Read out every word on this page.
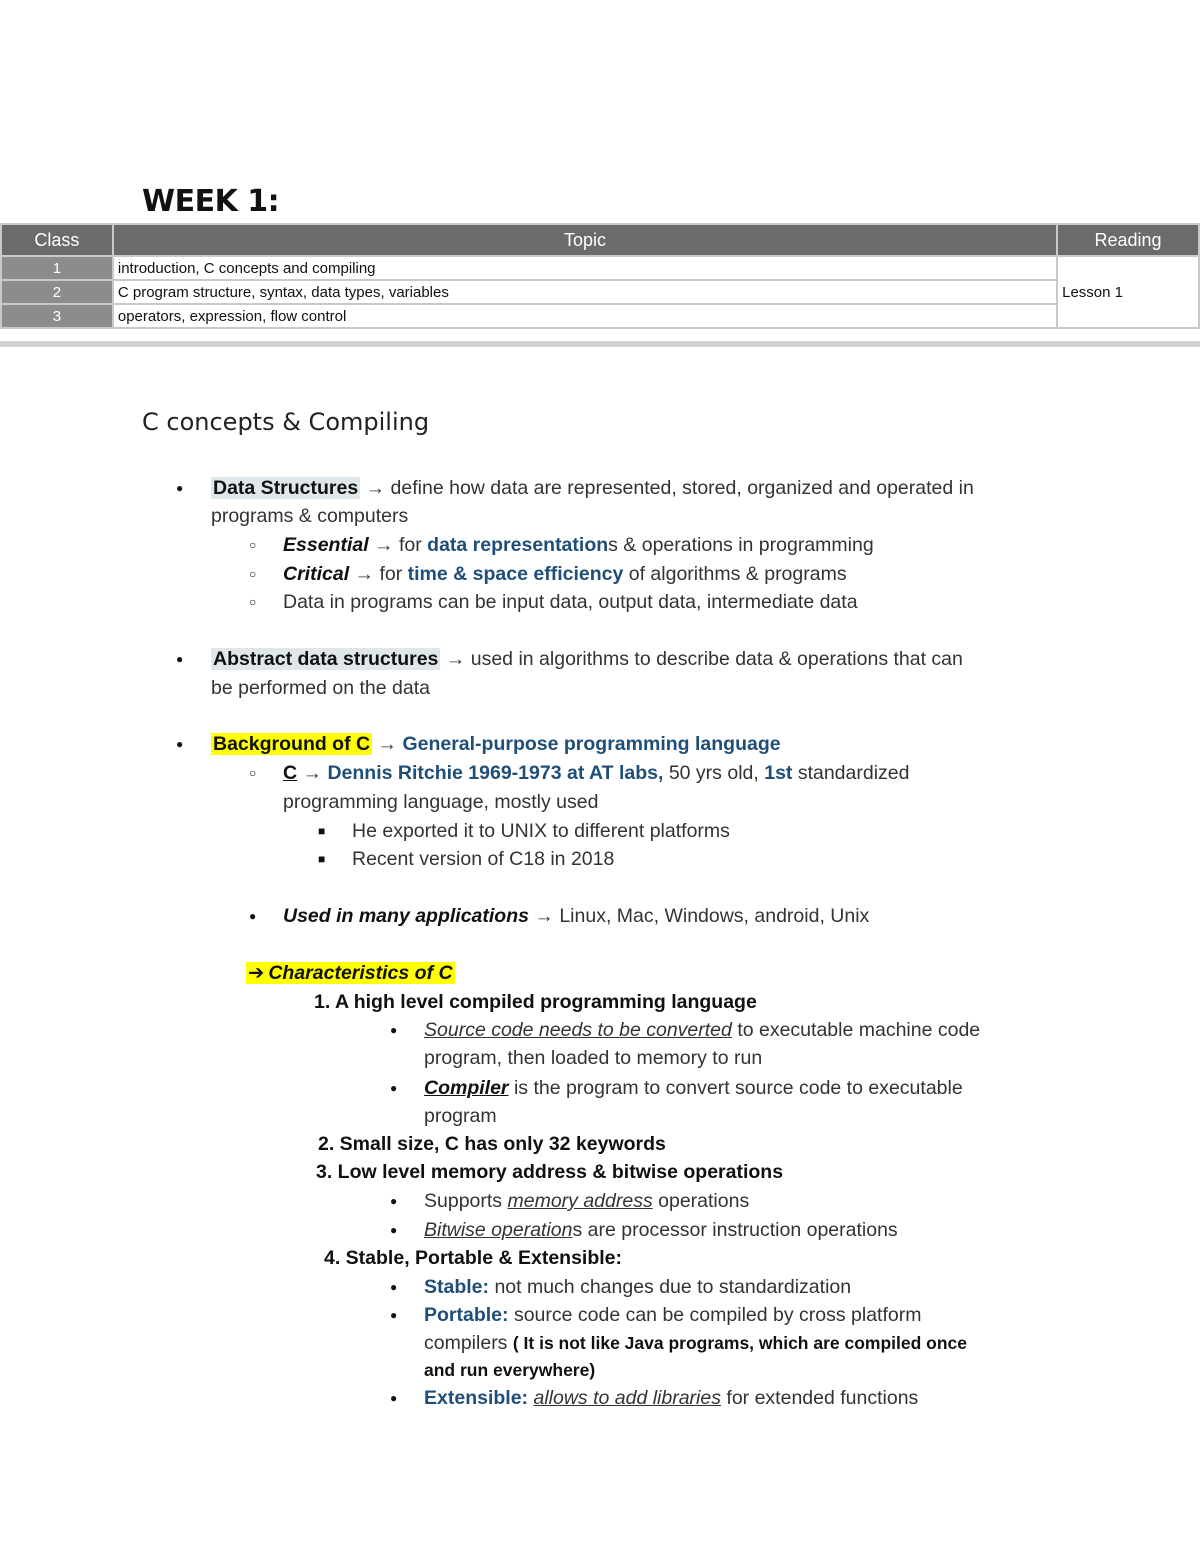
WEEK 1:
Class	Topic	Reading
1	introduction, C concepts and compiling	Lesson 1
2	C program structure, syntax, data types, variables	
3	operators, expression, flow control	
C concepts & Compiling
● Data Structures → define how data are represented, stored, organized and operated in
programs & computers
○ Essential → for data representations & operations in programming
○ Critical → for time & space efficiency of algorithms & programs
○ Data in programs can be input data, output data, intermediate data
● Abstract data structures → used in algorithms to describe data & operations that can
be performed on the data
● Background of C → General-purpose programming language
○ C → Dennis Ritchie 1969-1973 at AT labs, 50 yrs old, 1st standardized
programming language, mostly used
■ He exported it to UNIX to different platforms
■ Recent version of C18 in 2018
● Used in many applications → Linux, Mac, Windows, android, Unix
➔ Characteristics of C
1. A high level compiled programming language
● Source code needs to be converted to executable machine code
program, then loaded to memory to run
● Compiler is the program to convert source code to executable
program
2. Small size, C has only 32 keywords
3. Low level memory address & bitwise operations
● Supports memory address operations
● Bitwise operations are processor instruction operations
4. Stable, Portable & Extensible:
● Stable: not much changes due to standardization
● Portable: source code can be compiled by cross platform
compilers ( It is not like Java programs, which are compiled once
and run everywhere)
● Extensible: allows to add libraries for extended functions
